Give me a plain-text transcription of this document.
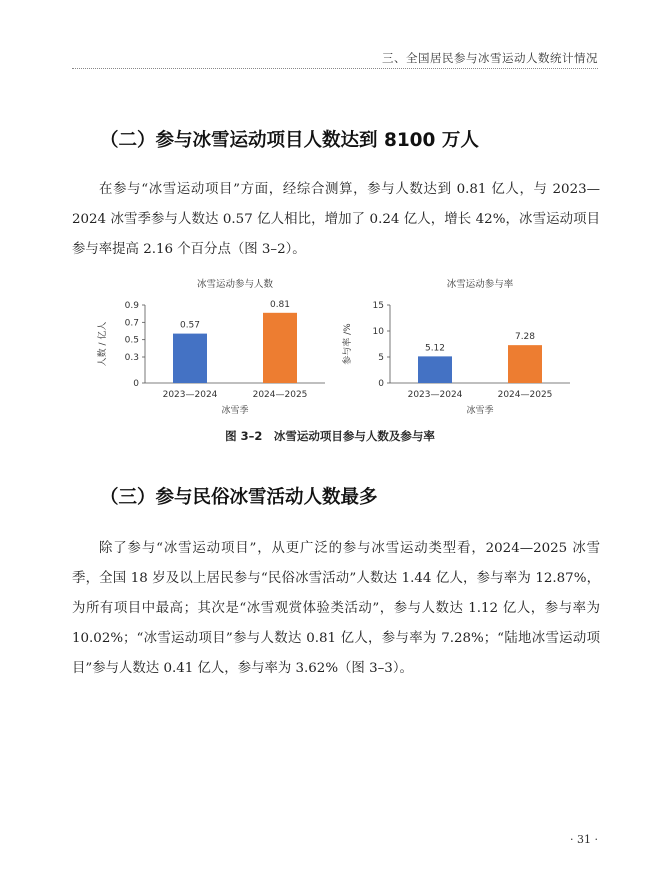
三、全国居民参与冰雪运动人数统计情况
（二）参与冰雪运动项目人数达到 8100 万人
在参与“冰雪运动项目”方面，经综合测算，参与人数达到 0.81 亿人，与 2023—2024 冰雪季参与人数达 0.57 亿人相比，增加了 0.24 亿人，增长 42%，冰雪运动项目参与率提高 2.16 个百分点（图 3–2）。
冰雪运动参与人数
人数 / 亿人
0
0.3
0.5
0.7
0.9
0.57
2023—2024
0.81
2024—2025
冰雪季
冰雪运动参与率
参与率 /%
0
5
10
15
5.12
2023—2024
7.28
2024—2025
冰雪季
图 3–2　冰雪运动项目参与人数及参与率
（三）参与民俗冰雪活动人数最多
除了参与“冰雪运动项目”，从更广泛的参与冰雪运动类型看，2024—2025 冰雪季，全国 18 岁及以上居民参与“民俗冰雪活动”人数达 1.44 亿人，参与率为 12.87%，为所有项目中最高；其次是“冰雪观赏体验类活动”，参与人数达 1.12 亿人，参与率为 10.02%；“冰雪运动项目”参与人数达 0.81 亿人，参与率为 7.28%；“陆地冰雪运动项目”参与人数达 0.41 亿人，参与率为 3.62%（图 3–3）。
· 31 ·
